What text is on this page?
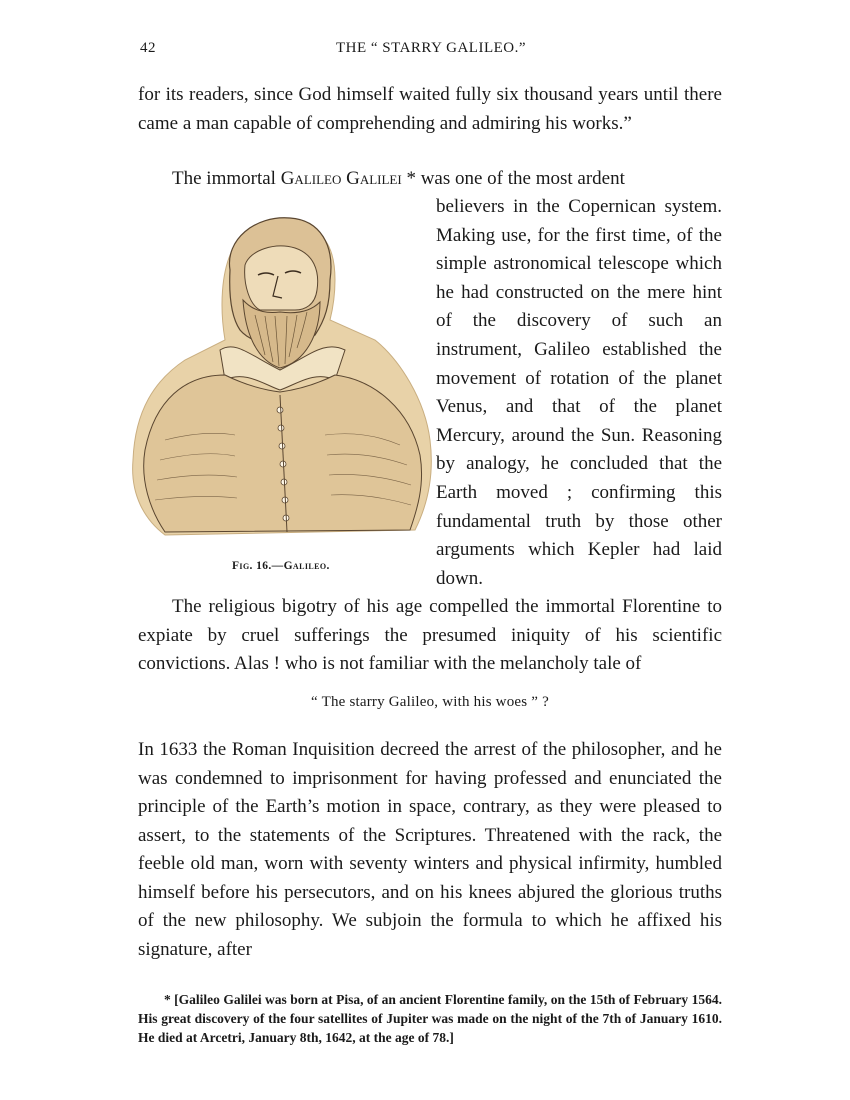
42	THE “ STARRY GALILEO.”

for its readers, since God himself waited fully six thousand years until there came a man capable of comprehending and admiring his works.”

The immortal Galileo Galilei * was one of the most ardent

believers in the Copernican system. Making use, for the first time, of the simple astronomical telescope which he had constructed on the mere hint of the discovery of such an instrument, Galileo established the movement of rotation of the planet Venus, and that of the planet Mercury, around the Sun. Reasoning by analogy, he concluded that the Earth moved ; confirming this fundamental truth by those other arguments which Kepler had laid down.
Fig. 16.—Galileo.

The religious bigotry of his age compelled the immortal Florentine to expiate by cruel sufferings the presumed iniquity of his scientific convictions. Alas ! who is not familiar with the melancholy tale of

“ The starry Galileo, with his woes ” ?

In 1633 the Roman Inquisition decreed the arrest of the philosopher, and he was condemned to imprisonment for having professed and enunciated the principle of the Earth’s motion in space, contrary, as they were pleased to assert, to the statements of the Scriptures. Threatened with the rack, the feeble old man, worn with seventy winters and physical infirmity, humbled himself before his persecutors, and on his knees abjured the glorious truths of the new philosophy. We subjoin the formula to which he affixed his signature, after

* [Galileo Galilei was born at Pisa, of an ancient Florentine family, on the 15th of February 1564. His great discovery of the four satellites of Jupiter was made on the night of the 7th of January 1610. He died at Arcetri, January 8th, 1642, at the age of 78.]
